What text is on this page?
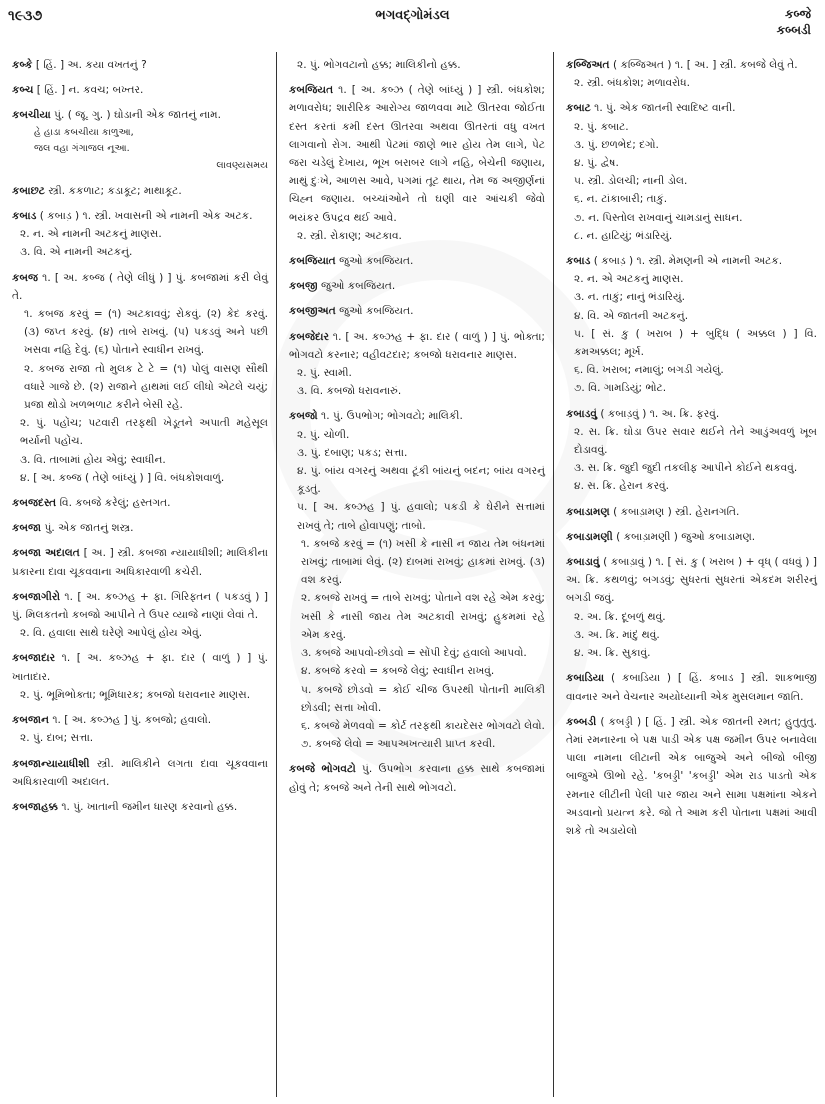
૧૯૩૭	ભગવદ્ગોમંડલ	કબ્જે
કબ્બડી
કબ્કે [ હિં. ] અ. કયા વખતનું ?
કબ્ચ [ હિં. ] ન. કવચ; બખ્તર.
કબચીયા પું. ( જૂ. ગુ. ) ઘોડાની એક જાતનું નામ.
હે હાડા કબચીયા કાળુઆ,
જલ વહા ગંગાજલ નૂઆ.
લાવણ્યસમય
કબાછટ સ્ત્રી. કકળાટ; કડાકૂટ; માથાકૂટ.
કબાડ ( કબાડ઼ ) ૧. સ્ત્રી. ખવાસની એ નામની એક અટક.
૨. ન. એ નામની અટકનું માણસ.
૩. વિ. એ નામની અટકનું.
કબજ ૧. [ અ. કબ્જ ( તેણે લીધું ) ] પું. કબજામાં કરી લેવું તે.
૧. કબજ કરવું = (૧) અટકાવવું; રોકવું. (૨) કેદ કરવું. (૩) જપ્ત કરવું. (૪) તાબે રાખવું. (૫) પકડવું અને પછી ખસવા નહિ દેવું. (૬) પોતાને સ્વાધીન રાખવું.
૨. કબજ રાજા તો મુલક ટે ટે = (૧) પોલું વાસણ સૌથી વધારે ગાજે છે. (૨) રાજાને હાથમાં લઈ લીધો એટલે ચયું; પ્રજા થોડો ખળભળાટ કરીને બેસી રહે.
૨. પું. પહોંચ; પટવારી તરફથી ખેડૂતને અપાતી મહેસૂલ ભર્યાની પહોંચ.
૩. વિ. તાબામાં હોય એવું; સ્વાધીન.
૪. [ અ. કબ્જ ( તેણે બાંધ્યું ) ] વિ. બંધકોશવાળું.
કબજદસ્ત વિ. કબજે કરેલું; હસ્તગત.
કબજા પું. એક જાતનું શસ્ત્ર.
કબજા અદાલત [ અ. ] સ્ત્રી. કબજા ન્યાયાધીશી; માલિકીના પ્રકારના દાવા ચૂકવવાના અધિકારવાળી કચેરી.
કબજાગીરો ૧. [ અ. કબ્ઝહ + ફા. ગિરિફ્તન ( પકડવું ) ] પું. મિલકતનો કબજો આપીને તે ઉપર વ્યાજે નાણાં લેવાં તે.
૨. વિ. હવાલા સાથે ઘરેણે આપેલું હોય એવું.
કબજાદાર ૧. [ અ. કબ્ઝહ + ફા. દાર ( વાળું ) ] પું. ખાતાદાર.
૨. પું. ભૂમિભોક્તા; ભૂમિધારક; કબજો ધરાવનાર માણસ.
કબજાન ૧. [ અ. કબ્ઝહ ] પું. કબજો; હવાલો.
૨. પું. દાબ; સત્તા.
કબજાન્યાયાધીશી સ્ત્રી. માલિકીને લગતા દાવા ચૂકવવાના અધિકારવાળી અદાલત.
કબજાહક્ક ૧. પું. ખાતાની જમીન ધારણ કરવાનો હક્ક.
૨. પું. ભોગવટાનો હક્ક; માલિકીનો હક્ક.
કબજિયત ૧. [ અ. કબ્ઝ ( તેણે બાંધ્યું ) ] સ્ત્રી. બંધકોશ; મળાવરોધ; શારીરિક આરોગ્ય જાળવવા માટે ઊતરવા જોઈતા દસ્ત કરતાં કમી દસ્ત ઊતરવા અથવા ઊતરતાં વધુ વખત લાગવાનો રોગ. આથી પેટમાં જાણે ભાર હોય તેમ લાગે, પેટ જરા ચડેલું દેખાય, ભૂખ બરાબર લાગે નહિ, બેચેની જણાય, માથું દુઃખે, આળસ આવે, પગમાં તૂટ થાય, તેમ જ અજીર્ણનાં ચિહ્ન જણાય. બચ્ચાંઓને તો ઘણી વાર આંચકી જેવો ભયંકર ઉપદ્રવ થઈ આવે.
૨. સ્ત્રી. રોકાણ; અટકાવ.
કબજિયાત જુઓ કબજિયત.
કબજી જુઓ કબજિયત.
કબજીઅત જુઓ કબજિયત.
કબજેદાર ૧. [ અ. કબ્ઝહ + ફા. દાર ( વાળું ) ] પું. ભોક્તા; ભોગવટો કરનાર; વહીવટદાર; કબજો ધરાવનાર માણસ.
૨. પું. સ્વામી.
૩. વિ. કબજો ધરાવનારું.
કબજો ૧. પું. ઉપભોગ; ભોગવટો; માલિકી.
૨. પું. ચોળી.
૩. પું. દબાણ; પકડ; સત્તા.
૪. પું. બાંય વગરનું અથવા ટૂંકી બાંયનું બદન; બાંય વગરનું કૂડતું.
૫. [ અ. કબ્ઝહ ] પું. હવાલો; પકડી કે ઘેરીને સત્તામાં રાખવું તે; તાબે હોવાપણું; તાબો.
૧. કબજે કરવું = (૧) ખસી કે નાસી ન જાય તેમ બંધનમાં રાખવું; તાબામાં લેવું. (૨) દાબમાં રાખવું; હાકમાં રાખવું. (૩) વશ કરવું.
૨. કબજે રાખવું = તાબે રાખવું; પોતાને વશ રહે એમ કરવું; ખસી કે નાસી જાય તેમ અટકાવી રાખવું; હુકમમાં રહે એમ કરવું.
૩. કબજે આપવો-છોડવો = સોંપી દેવું; હવાલો આપવો.
૪. કબજે કરવો = કબજે લેવું; સ્વાધીન રાખવું.
૫. કબજે છોડવો = કોઈ ચીજ ઉપરથી પોતાની માલિકી છોડવી; સત્તા ખોવી.
૬. કબજે મેળવવો = કોર્ટ તરફથી કાયદેસર ભોગવટો લેવો.
૭. કબજે લેવો = આપઅખત્યારી પ્રાપ્ત કરવી.
કબજે ભોગવટો પું. ઉપભોગ કરવાના હક્ક સાથે કબજામાં હોવું તે; કબજે અને તેની સાથે ભોગવટો.
કબ્જિઅત ( કબ્જિઅત ) ૧. [ અ. ] સ્ત્રી. કબજે લેવું તે.
૨. સ્ત્રી. બંધકોશ; મળાવરોધ.
કબાટ ૧. પું. એક જાતની સ્વાદિષ્ટ વાની.
૨. પું. કબાટ.
૩. પું. છળભેદ; દગો.
૪. પું. દ્વેષ.
૫. સ્ત્રી. ડોલચી; નાની ડોલ.
૬. ન. ટાંકાબારી; તાકું.
૭. ન. પિસ્તોલ રાખવાનું ચામડાનું સાધન.
૮. ન. હાટિયું; ભંડારિયું.
કબાડ ( કબાડ઼ ) ૧. સ્ત્રી. મેમણની એ નામની અટક.
૨. ન. એ અટકનું માણસ.
૩. ન. તાકું; નાનું ભંડારિયું.
૪. વિ. એ જાતની અટકનું.
૫. [ સં. કુ ( ખરાબ ) + બુદ્ધિ ( અક્કલ ) ] વિ. કમઅક્કલ; મૂર્ખ.
૬. વિ. ખરાબ; નમાલું; બગડી ગયેલું.
૭. વિ. ગામડિયું; ભોટ.
કબાડવું ( કબાડ઼વું ) ૧. અ. ક્રિ. ફરવું.
૨. સ. ક્રિ. ઘોડા ઉપર સવાર થઈને તેને આડુંઅવળું ખૂબ દોડાવવું.
૩. સ. ક્રિ. જુદી જુદી તકલીફ આપીને કોઈને થકવવું.
૪. સ. ક્રિ. હેરાન કરવું.
કબાડામણ ( કબાડ઼ામણ ) સ્ત્રી. હેરાનગતિ.
કબાડામણી ( કબાડ઼ામણી ) જુઓ કબાડામણ.
કબાડાવું ( કબાડ઼ાવું ) ૧. [ સં. કુ ( ખરાબ ) + વૃધ્ ( વધવું ) ] અ. ક્રિ. કથળવું; બગડવું; સુધરતાં સુધરતાં એકદમ શરીરનું બગડી જવું.
૨. અ. ક્રિ. દૂબળું થવું.
૩. અ. ક્રિ. માંદું થવું.
૪. અ. ક્રિ. સુકાવું.
કબાડિયા ( કબાડિ઼યા ) [ હિં. કબાડ ] સ્ત્રી. શાકભાજી વાવનાર અને વેચનાર અયોધ્યાની એક મુસલમાન જાતિ.
કબ્બડી ( કબડ્ડી ) [ હિં. ] સ્ત્રી. એક જાતની રમત; હુતુતુતુ. તેમાં રમનારના બે પક્ષ પાડી એક પક્ષ જમીન ઉપર બનાવેલા પાલા નામના લીટાની એક બાજુએ અને બીજો બીજી બાજુએ ઊભો રહે. 'કબડ્ડી' 'કબડ્ડી' એમ રાડ પાડતો એક રમનાર લીટીની પેલી પાર જાય અને સામા પક્ષમાંના એકને અડવાનો પ્રયત્ન કરે. જો તે આમ કરી પોતાના પક્ષમાં આવી શકે તો અડાયેલો
